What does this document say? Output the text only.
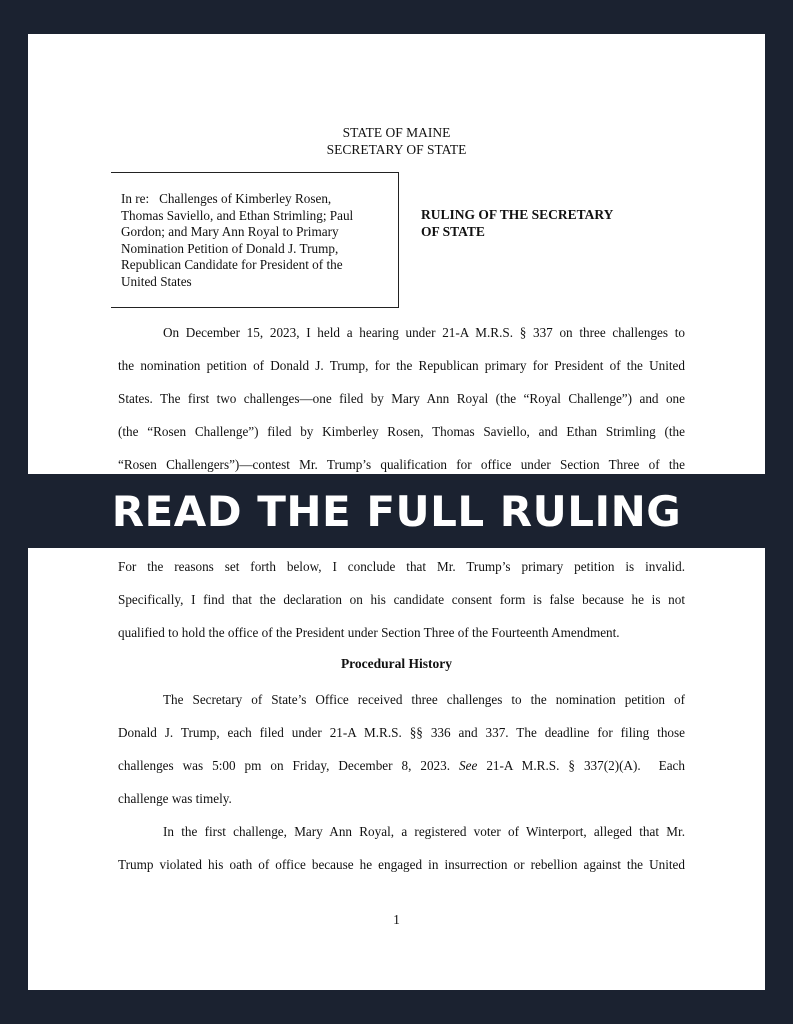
STATE OF MAINE
SECRETARY OF STATE
In re:   Challenges of Kimberley Rosen,
Thomas Saviello, and Ethan Strimling; Paul
Gordon; and Mary Ann Royal to Primary
Nomination Petition of Donald J. Trump,
Republican Candidate for President of the
United States
RULING OF THE SECRETARY
OF STATE
On December 15, 2023, I held a hearing under 21-A M.R.S. § 337 on three challenges to
the nomination petition of Donald J. Trump, for the Republican primary for President of the United
States. The first two challenges—one filed by Mary Ann Royal (the “Royal Challenge”) and one
(the “Rosen Challenge”) filed by Kimberley Rosen, Thomas Saviello, and Ethan Strimling (the
“Rosen Challengers”)—contest Mr. Trump’s qualification for office under Section Three of the
For the reasons set forth below, I conclude that Mr. Trump’s primary petition is invalid.
Specifically, I find that the declaration on his candidate consent form is false because he is not
qualified to hold the office of the President under Section Three of the Fourteenth Amendment.
Procedural History
The Secretary of State’s Office received three challenges to the nomination petition of
Donald J. Trump, each filed under 21-A M.R.S. §§ 336 and 337. The deadline for filing those
challenges was 5:00 pm on Friday, December 8, 2023. See 21-A M.R.S. § 337(2)(A).  Each
challenge was timely.
In the first challenge, Mary Ann Royal, a registered voter of Winterport, alleged that Mr.
Trump violated his oath of office because he engaged in insurrection or rebellion against the United
1
READ THE FULL RULING
